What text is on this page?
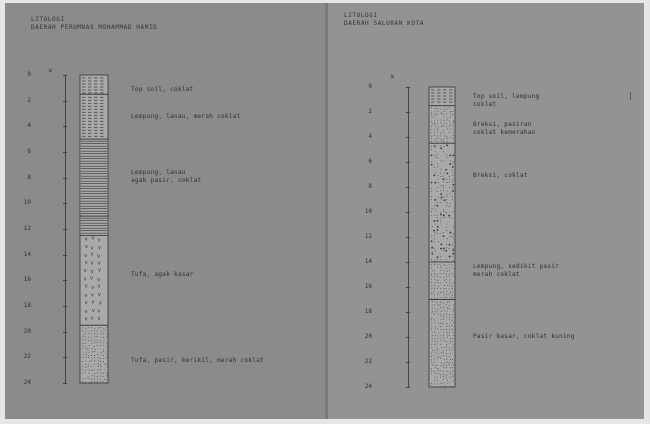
LITOLOGI
DAERAH PERUMNAS MOHAMMAD HAMID
×
0
2
4
6
8
10
12
14
16
18
20
22
24
v v v
v v v
v v v
v v v
v v v
v v v
v v v
v v v
v v v
v v v
v v v
Top soil, coklat
Lempung, lanau, merah coklat
Lempung, lanau
agak pasir, coklat
Tufa, agak kasar
Tufa, pasir, kerikil, merah coklat
LITOLOGI
DAERAH SALURAN KOTA
×
|
0
2
4
6
8
10
12
14
16
18
20
22
24
Top soil, lempung
coklat
Breksi, pasiran
coklat kemerahan
Breksi, coklat
Lempung, sedikit pasir
merah coklat
Pasir kasar, coklat kuning
